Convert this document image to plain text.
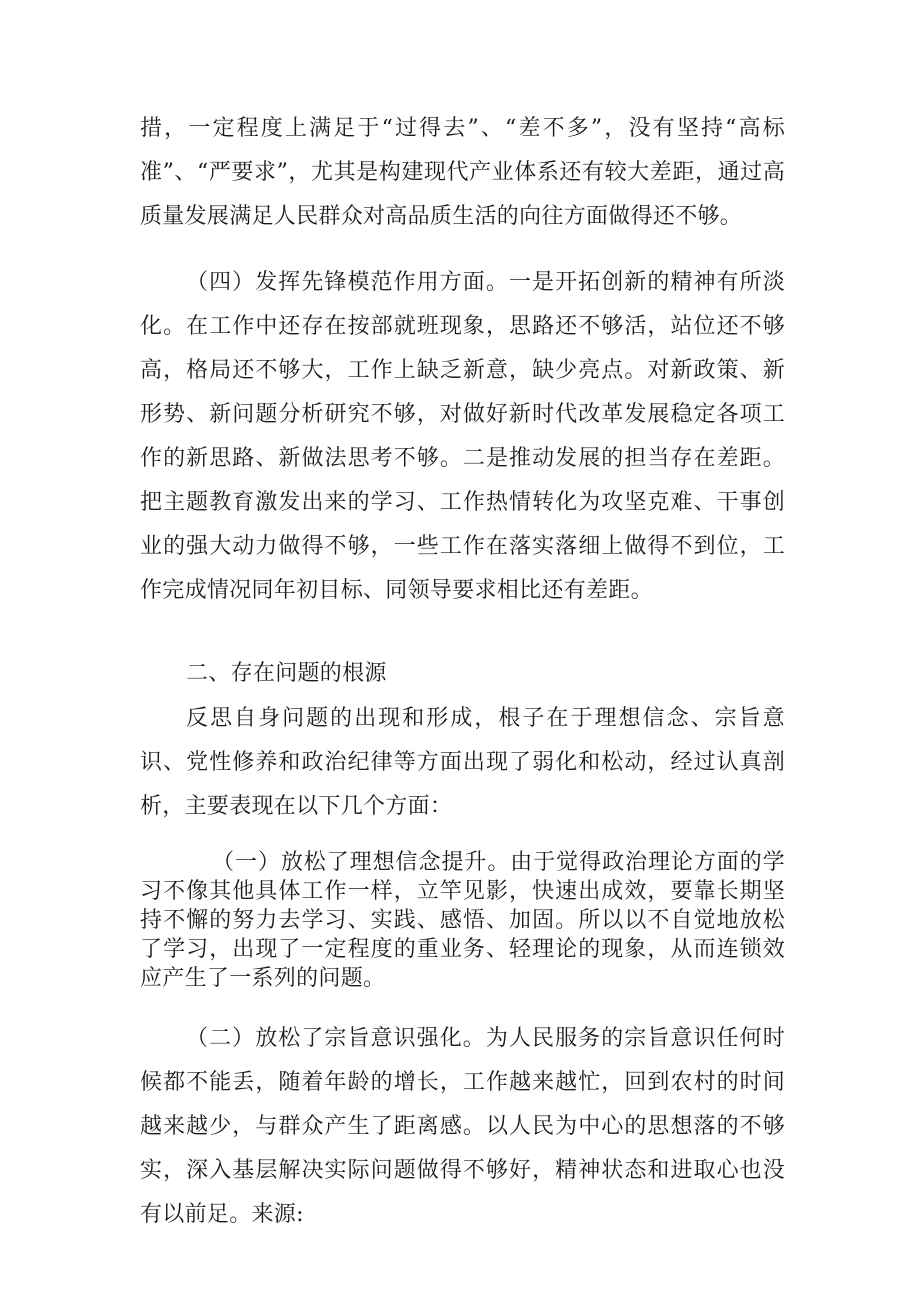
措，一定程度上满足于“过得去”、“差不多”，没有坚持“高标准”、“严要求”，尤其是构建现代产业体系还有较大差距，通过高质量发展满足人民群众对高品质生活的向往方面做得还不够。

（四）发挥先锋模范作用方面。一是开拓创新的精神有所淡化。在工作中还存在按部就班现象，思路还不够活，站位还不够高，格局还不够大，工作上缺乏新意，缺少亮点。对新政策、新形势、新问题分析研究不够，对做好新时代改革发展稳定各项工作的新思路、新做法思考不够。二是推动发展的担当存在差距。把主题教育激发出来的学习、工作热情转化为攻坚克难、干事创业的强大动力做得不够，一些工作在落实落细上做得不到位，工作完成情况同年初目标、同领导要求相比还有差距。

二、存在问题的根源

反思自身问题的出现和形成，根子在于理想信念、宗旨意识、党性修养和政治纪律等方面出现了弱化和松动，经过认真剖析，主要表现在以下几个方面：

（一）放松了理想信念提升。由于觉得政治理论方面的学习不像其他具体工作一样，立竿见影，快速出成效，要靠长期坚持不懈的努力去学习、实践、感悟、加固。所以以不自觉地放松了学习，出现了一定程度的重业务、轻理论的现象，从而连锁效应产生了一系列的问题。

（二）放松了宗旨意识强化。为人民服务的宗旨意识任何时候都不能丢，随着年龄的增长，工作越来越忙，回到农村的时间越来越少，与群众产生了距离感。以人民为中心的思想落的不够实，深入基层解决实际问题做得不够好，精神状态和进取心也没有以前足。来源:
